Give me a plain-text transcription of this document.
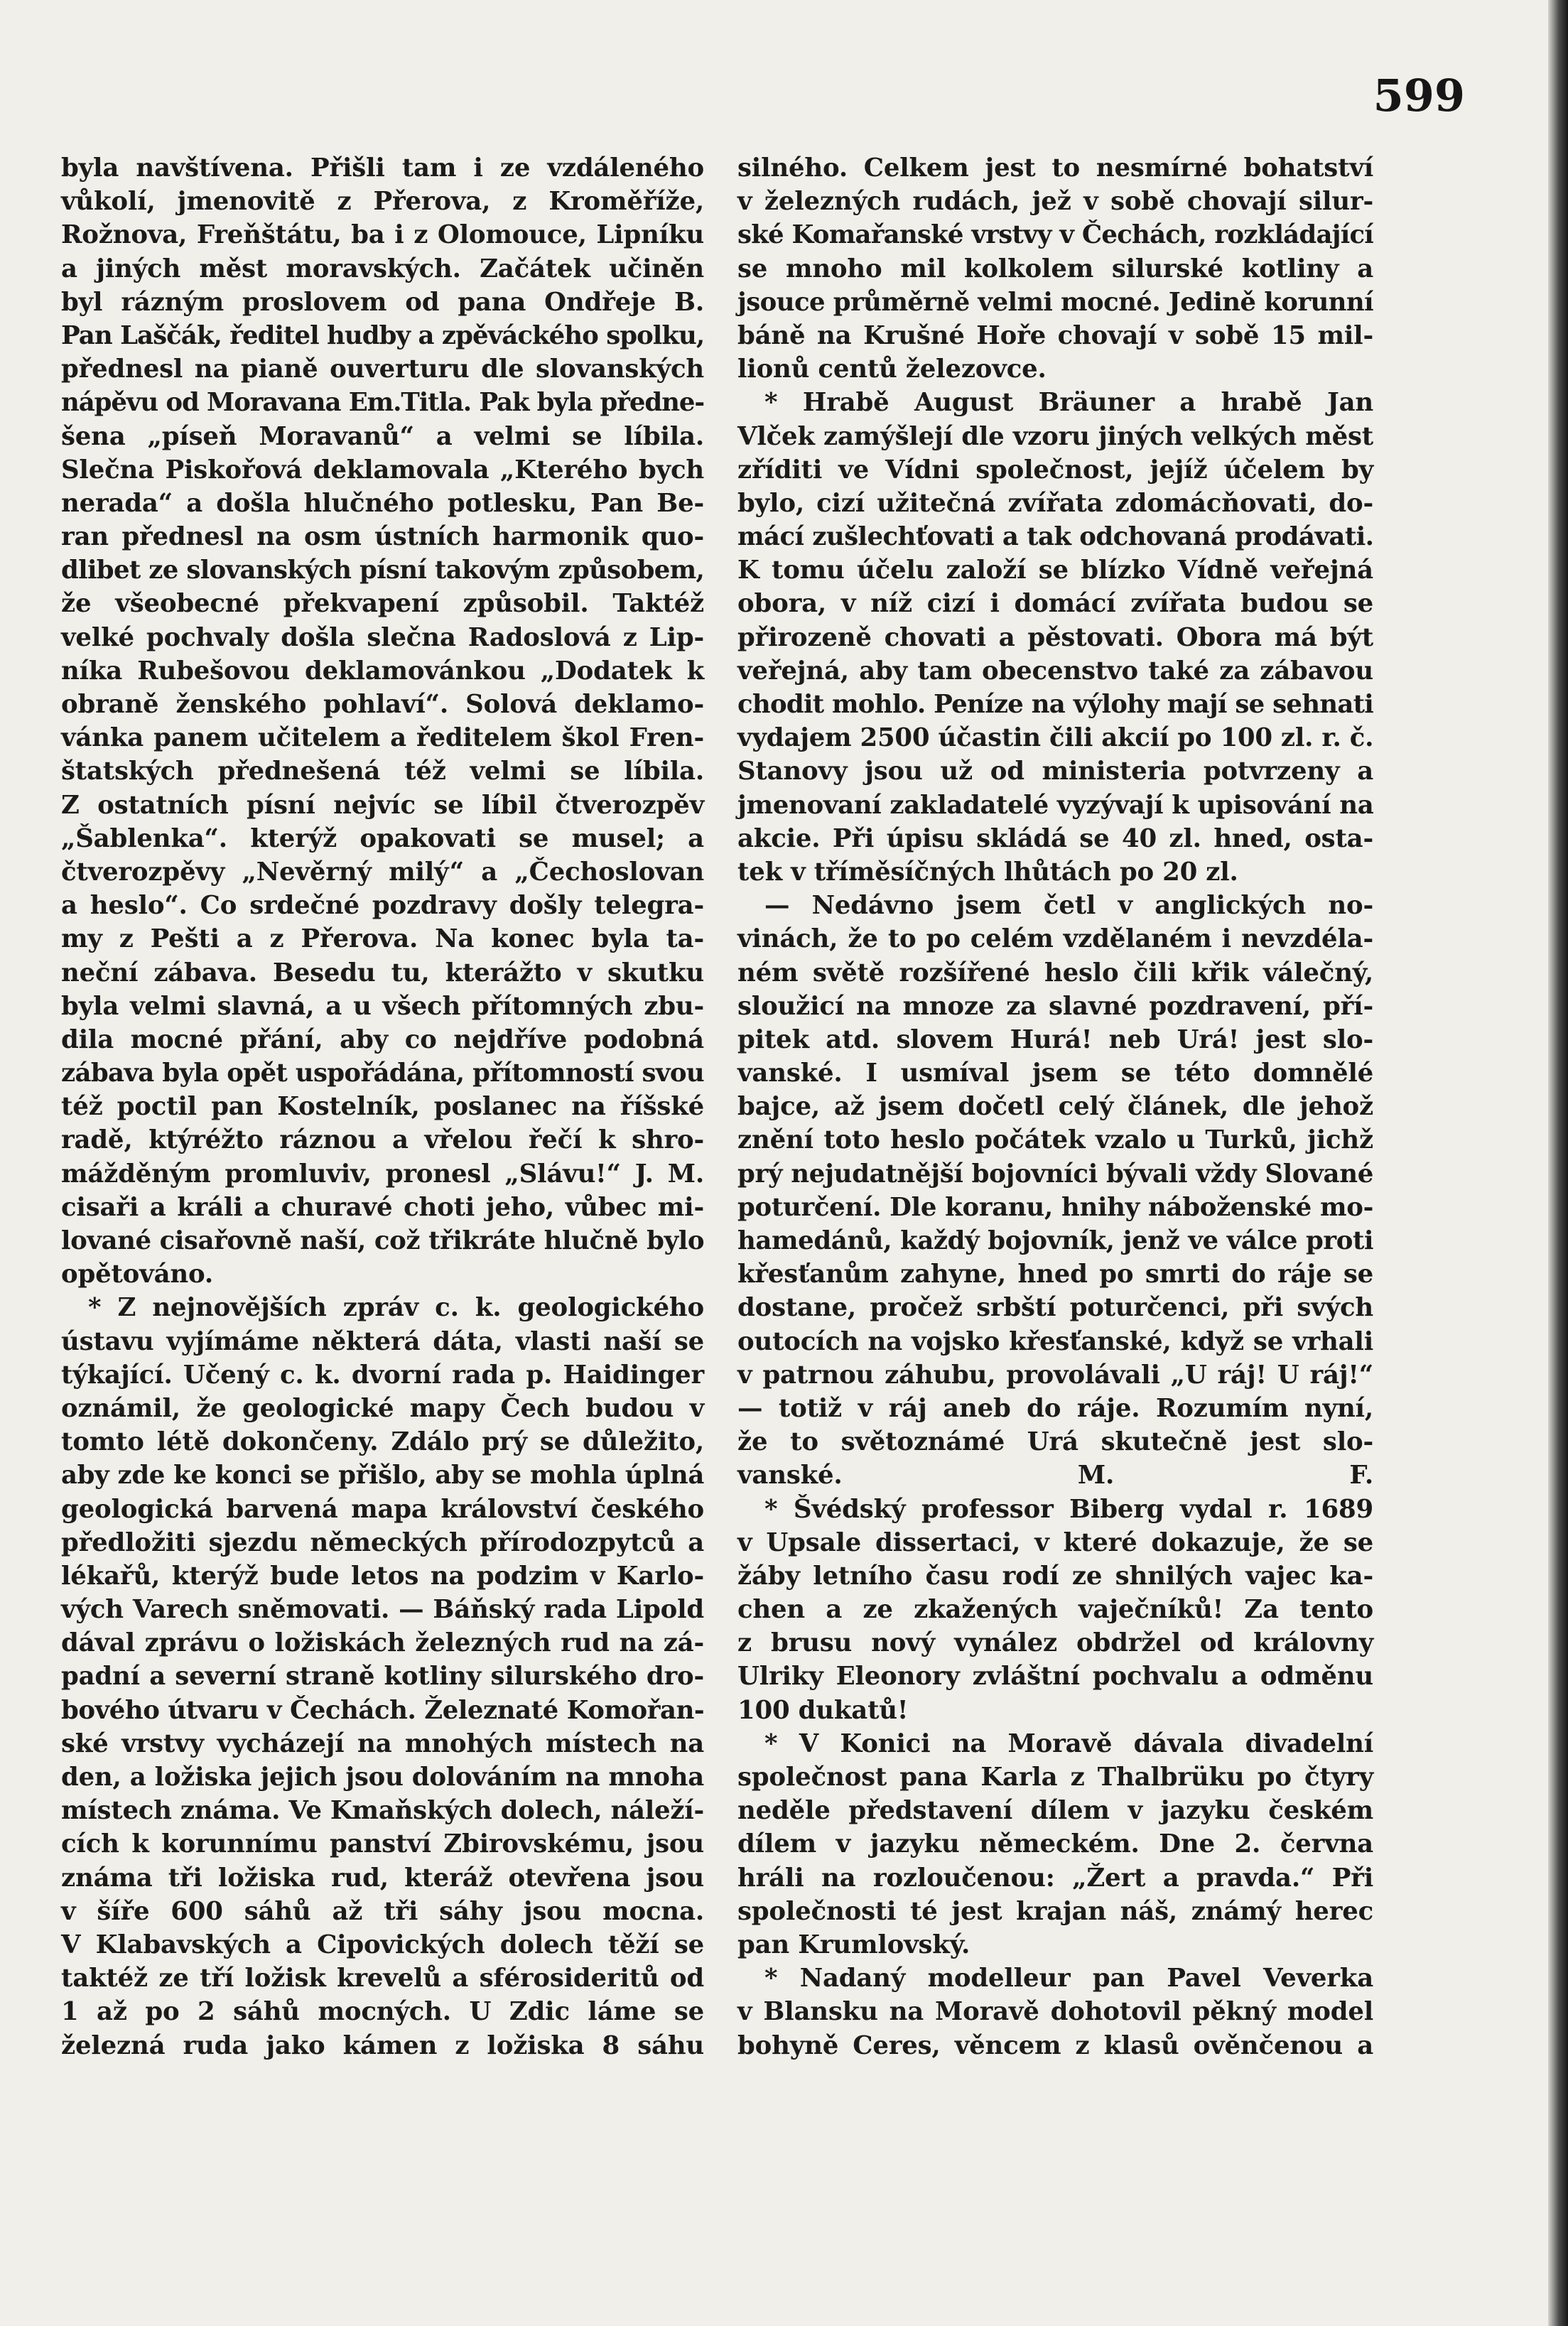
599
byla navštívena. Přišli tam i ze vzdáleného
vůkolí, jmenovitě z Přerova, z Kroměříže,
Rožnova, Freňštátu, ba i z Olomouce, Lipníku
a jiných měst moravských. Začátek učiněn
byl rázným proslovem od pana Ondřeje B.
Pan Laščák, ředitel hudby a zpěváckého spolku,
přednesl na pianě ouverturu dle slovanských
nápěvu od Moravana Em.Titla. Pak byla předne-
šena „píseň Moravanů“ a velmi se líbila.
Slečna Piskořová deklamovala „Kterého bych
nerada“ a došla hlučného potlesku, Pan Be-
ran přednesl na osm ústních harmonik quo-
dlibet ze slovanských písní takovým způsobem,
že všeobecné překvapení způsobil. Taktéž
velké pochvaly došla slečna Radoslová z Lip-
níka Rubešovou deklamovánkou „Dodatek k
obraně ženského pohlaví“. Solová deklamo-
vánka panem učitelem a ředitelem škol Fren-
štatských přednešená též velmi se líbila.
Z ostatních písní nejvíc se líbil čtverozpěv
„Šablenka“. kterýž opakovati se musel; a
čtverozpěvy „Nevěrný milý“ a „Čechoslovan
a heslo“. Co srdečné pozdravy došly telegra-
my z Pešti a z Přerova. Na konec byla ta-
neční zábava. Besedu tu, kterážto v skutku
byla velmi slavná, a u všech přítomných zbu-
dila mocné přání, aby co nejdříve podobná
zábava byla opět uspořádána, přítomností svou
též poctil pan Kostelník, poslanec na říšské
radě, ktýréžto ráznou a vřelou řečí k shro-
mážděným promluviv, pronesl „Slávu!“ J. M.
cisaři a králi a churavé choti jeho, vůbec mi-
lované cisařovně naší, což třikráte hlučně bylo
opětováno.
* Z nejnovějších zpráv c. k. geologického
ústavu vyjímáme některá dáta, vlasti naší se
týkající. Učený c. k. dvorní rada p. Haidinger
oznámil, že geologické mapy Čech budou v
tomto létě dokončeny. Zdálo prý se důležito,
aby zde ke konci se přišlo, aby se mohla úplná
geologická barvená mapa království českého
předložiti sjezdu německých přírodozpytců a
lékařů, kterýž bude letos na podzim v Karlo-
vých Varech sněmovati. — Báňský rada Lipold
dával zprávu o ložiskách železných rud na zá-
padní a severní straně kotliny silurského dro-
bového útvaru v Čechách. Železnaté Komořan-
ské vrstvy vycházejí na mnohých místech na
den, a ložiska jejich jsou dolováním na mnoha
místech známa. Ve Kmaňských dolech, náleží-
cích k korunnímu panství Zbirovskému, jsou
známa tři ložiska rud, kteráž otevřena jsou
v šíře 600 sáhů až tři sáhy jsou mocna.
V Klabavských a Cipovických dolech těží se
taktéž ze tří ložisk krevelů a sférosideritů od
1 až po 2 sáhů mocných. U Zdic láme se
železná ruda jako kámen z ložiska 8 sáhu
silného. Celkem jest to nesmírné bohatství
v železných rudách, jež v sobě chovají silur-
ské Komařanské vrstvy v Čechách, rozkládající
se mnoho mil kolkolem silurské kotliny a
jsouce průměrně velmi mocné. Jedině korunní
báně na Krušné Hoře chovají v sobě 15 mil-
lionů centů železovce.
* Hrabě August Bräuner a hrabě Jan
Vlček zamýšlejí dle vzoru jiných velkých měst
zříditi ve Vídni společnost, jejíž účelem by
bylo, cizí užitečná zvířata zdomácňovati, do-
mácí zušlechťovati a tak odchovaná prodávati.
K tomu účelu založí se blízko Vídně veřejná
obora, v níž cizí i domácí zvířata budou se
přirozeně chovati a pěstovati. Obora má být
veřejná, aby tam obecenstvo také za zábavou
chodit mohlo. Peníze na výlohy mají se sehnati
vydajem 2500 účastin čili akcií po 100 zl. r. č.
Stanovy jsou už od ministeria potvrzeny a
jmenovaní zakladatelé vyzývají k upisování na
akcie. Při úpisu skládá se 40 zl. hned, osta-
tek v tříměsíčných lhůtách po 20 zl.
— Nedávno jsem četl v anglických no-
vinách, že to po celém vzdělaném i nevzdéla-
ném světě rozšířené heslo čili křik válečný,
sloužicí na mnoze za slavné pozdravení, pří-
pitek atd. slovem Hurá! neb Urá! jest slo-
vanské. I usmíval jsem se této domnělé
bajce, až jsem dočetl celý článek, dle jehož
znění toto heslo počátek vzalo u Turků, jichž
prý nejudatnější bojovníci bývali vždy Slované
poturčení. Dle koranu, hnihy náboženské mo-
hamedánů, každý bojovník, jenž ve válce proti
křesťanům zahyne, hned po smrti do ráje se
dostane, pročež srbští poturčenci, při svých
outocích na vojsko křesťanské, když se vrhali
v patrnou záhubu, provolávali „U ráj! U ráj!“
— totiž v ráj aneb do ráje. Rozumím nyní,
že to světoznámé Urá skutečně jest slo-
vanské. M. F.
* Švédský professor Biberg vydal r. 1689
v Upsale dissertaci, v které dokazuje, že se
žáby letního času rodí ze shnilých vajec ka-
chen a ze zkažených vaječníků! Za tento
z brusu nový vynález obdržel od královny
Ulriky Eleonory zvláštní pochvalu a odměnu
100 dukatů!
* V Konici na Moravě dávala divadelní
společnost pana Karla z Thalbrüku po čtyry
neděle představení dílem v jazyku českém
dílem v jazyku německém. Dne 2. června
hráli na rozloučenou: „Žert a pravda.“ Při
společnosti té jest krajan náš, známý herec
pan Krumlovský.
* Nadaný modelleur pan Pavel Veverka
v Blansku na Moravě dohotovil pěkný model
bohyně Ceres, věncem z klasů ověnčenou a
